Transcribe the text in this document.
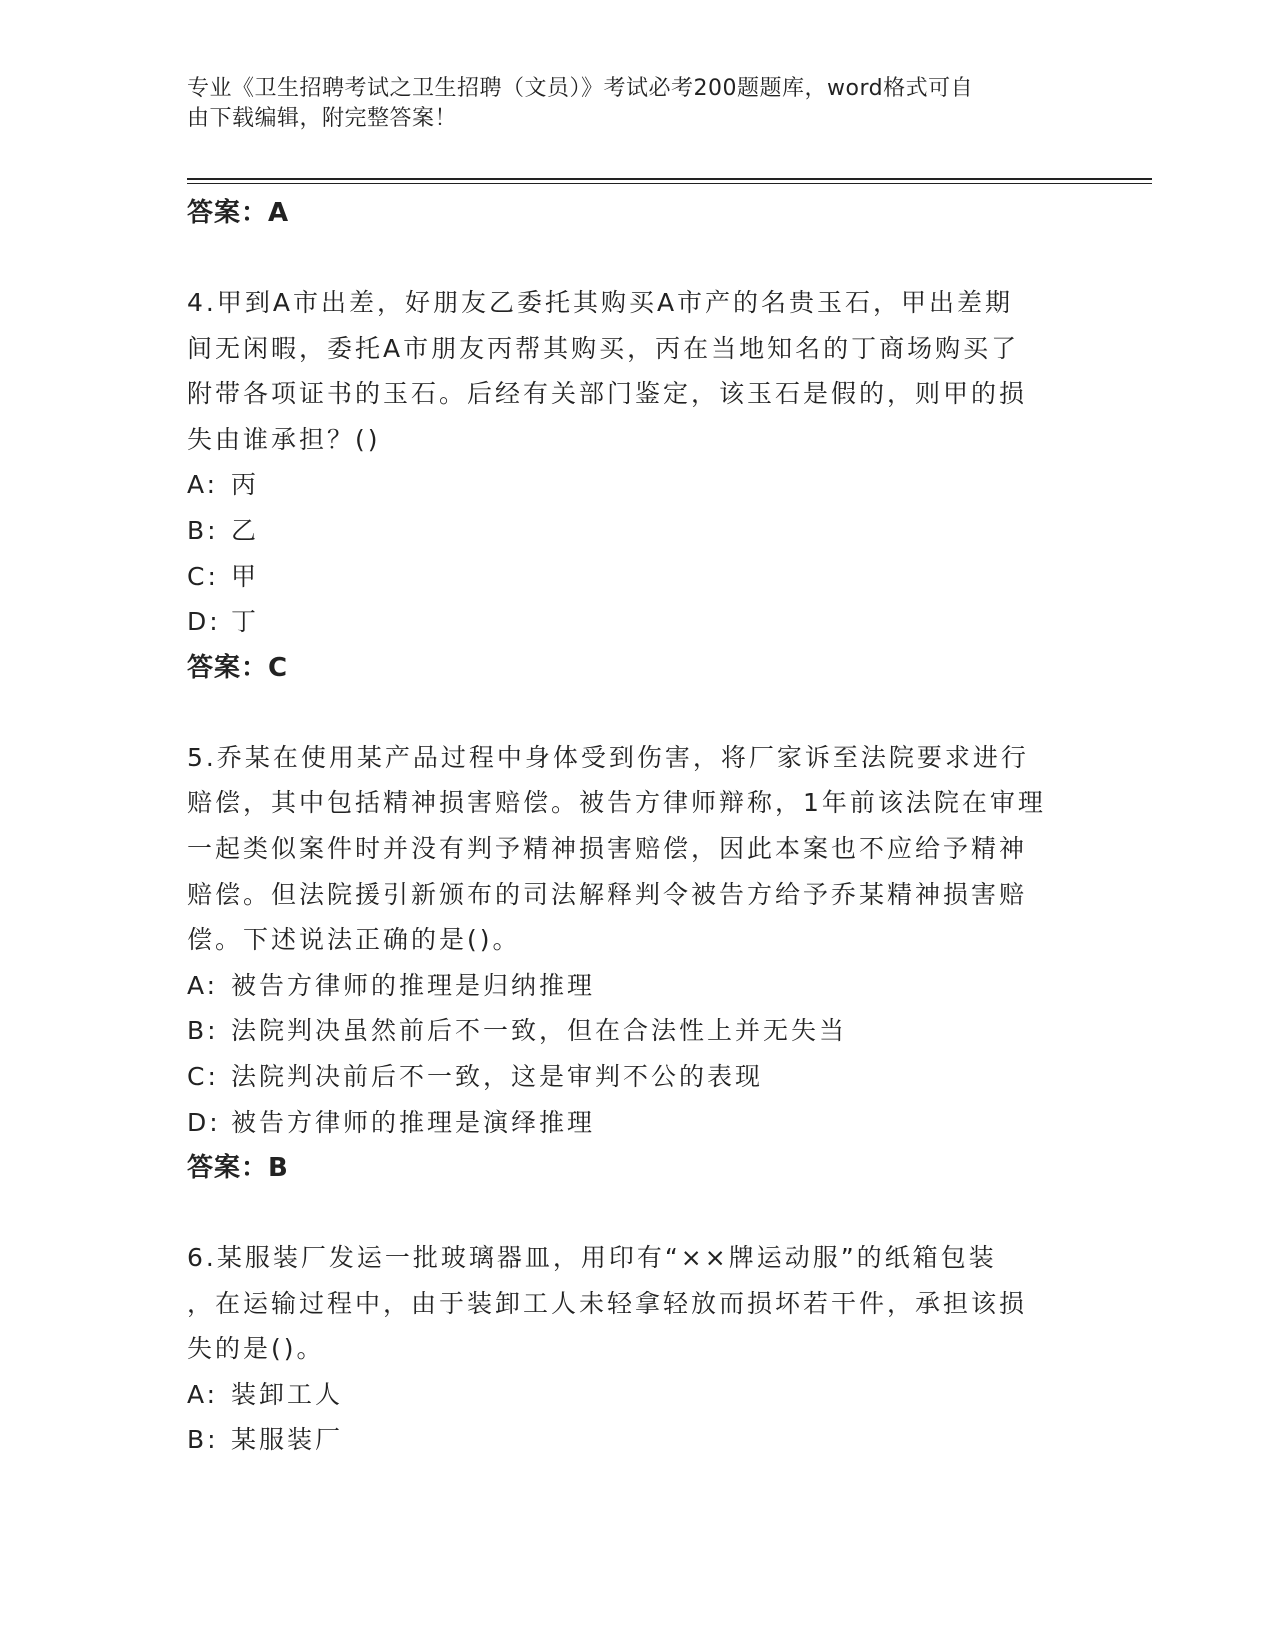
专业《卫生招聘考试之卫生招聘（文员）》考试必考200题题库，word格式可自
由下载编辑，附完整答案！

答案：A

4.甲到A市出差，好朋友乙委托其购买A市产的名贵玉石，甲出差期
间无闲暇，委托A市朋友丙帮其购买，丙在当地知名的丁商场购买了
附带各项证书的玉石。后经有关部门鉴定，该玉石是假的，则甲的损
失由谁承担？()

A: 丙

B: 乙

C: 甲

D: 丁

答案：C

5.乔某在使用某产品过程中身体受到伤害，将厂家诉至法院要求进行
赔偿，其中包括精神损害赔偿。被告方律师辩称，1年前该法院在审理
一起类似案件时并没有判予精神损害赔偿，因此本案也不应给予精神
赔偿。但法院援引新颁布的司法解释判令被告方给予乔某精神损害赔
偿。下述说法正确的是()。

A: 被告方律师的推理是归纳推理

B: 法院判决虽然前后不一致，但在合法性上并无失当

C: 法院判决前后不一致，这是审判不公的表现

D: 被告方律师的推理是演绎推理

答案：B

6.某服装厂发运一批玻璃器皿，用印有“××牌运动服”的纸箱包装
，在运输过程中，由于装卸工人未轻拿轻放而损坏若干件，承担该损
失的是()。

A: 装卸工人

B: 某服装厂
